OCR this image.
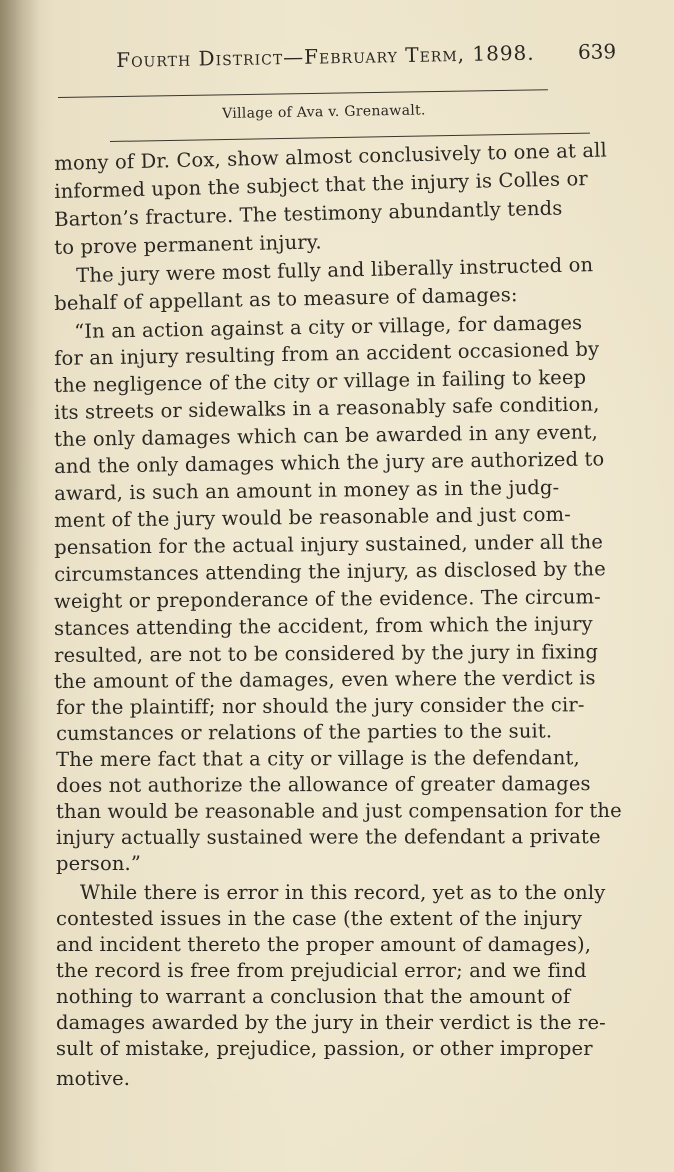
Fourth District—February Term, 1898. 639
Village of Ava v. Grenawalt.
mony of Dr. Cox, show almost conclusively to one at all
informed upon the subject that the injury is Colles or
Barton’s fracture. The testimony abundantly tends
to prove permanent injury.
The jury were most fully and liberally instructed on
behalf of appellant as to measure of damages:
“In an action against a city or village, for damages
for an injury resulting from an accident occasioned by
the negligence of the city or village in failing to keep
its streets or sidewalks in a reasonably safe condition,
the only damages which can be awarded in any event,
and the only damages which the jury are authorized to
award, is such an amount in money as in the judg-
ment of the jury would be reasonable and just com-
pensation for the actual injury sustained, under all the
circumstances attending the injury, as disclosed by the
weight or preponderance of the evidence. The circum-
stances attending the accident, from which the injury
resulted, are not to be considered by the jury in fixing
the amount of the damages, even where the verdict is
for the plaintiff; nor should the jury consider the cir-
cumstances or relations of the parties to the suit.
The mere fact that a city or village is the defendant,
does not authorize the allowance of greater damages
than would be reasonable and just compensation for the
injury actually sustained were the defendant a private
person.”
While there is error in this record, yet as to the only
contested issues in the case (the extent of the injury
and incident thereto the proper amount of damages),
the record is free from prejudicial error; and we find
nothing to warrant a conclusion that the amount of
damages awarded by the jury in their verdict is the re-
sult of mistake, prejudice, passion, or other improper
motive.
